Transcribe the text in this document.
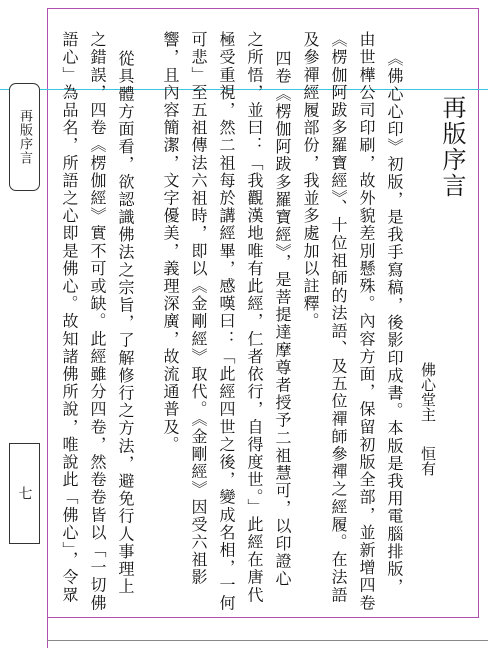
再版序言
七
再版序言
佛心堂主恒有
《佛心心印》初版，是我手寫稿，後影印成書。本版是我用電腦排版，
由世樺公司印刷，故外貌差別懸殊。內容方面，保留初版全部，並新增四卷
《楞伽阿跋多羅寶經》、十位祖師的法語、及五位禪師參禪之經履。在法語
及參禪經履部份，我並多處加以註釋。
四卷《楞伽阿跋多羅寶經》，是菩提達摩尊者授予二祖慧可，以印證心
之所悟，並曰：「我觀漢地唯有此經，仁者依行，自得度世。」此經在唐代
極受重視，然二祖每於講經畢，感嘆曰：「此經四世之後，變成名相，一何
可悲」至五祖傳法六祖時，即以《金剛經》取代。《金剛經》因受六祖影
響，且內容簡潔，文字優美，義理深廣，故流通普及。
從具體方面看，欲認識佛法之宗旨，了解修行之方法，避免行人事理上
之錯誤，四卷《楞伽經》實不可或缺。此經雖分四卷，然卷卷皆以「一切佛
語心」為品名，所語之心即是佛心。故知諸佛所說，唯說此「佛心」，令眾
